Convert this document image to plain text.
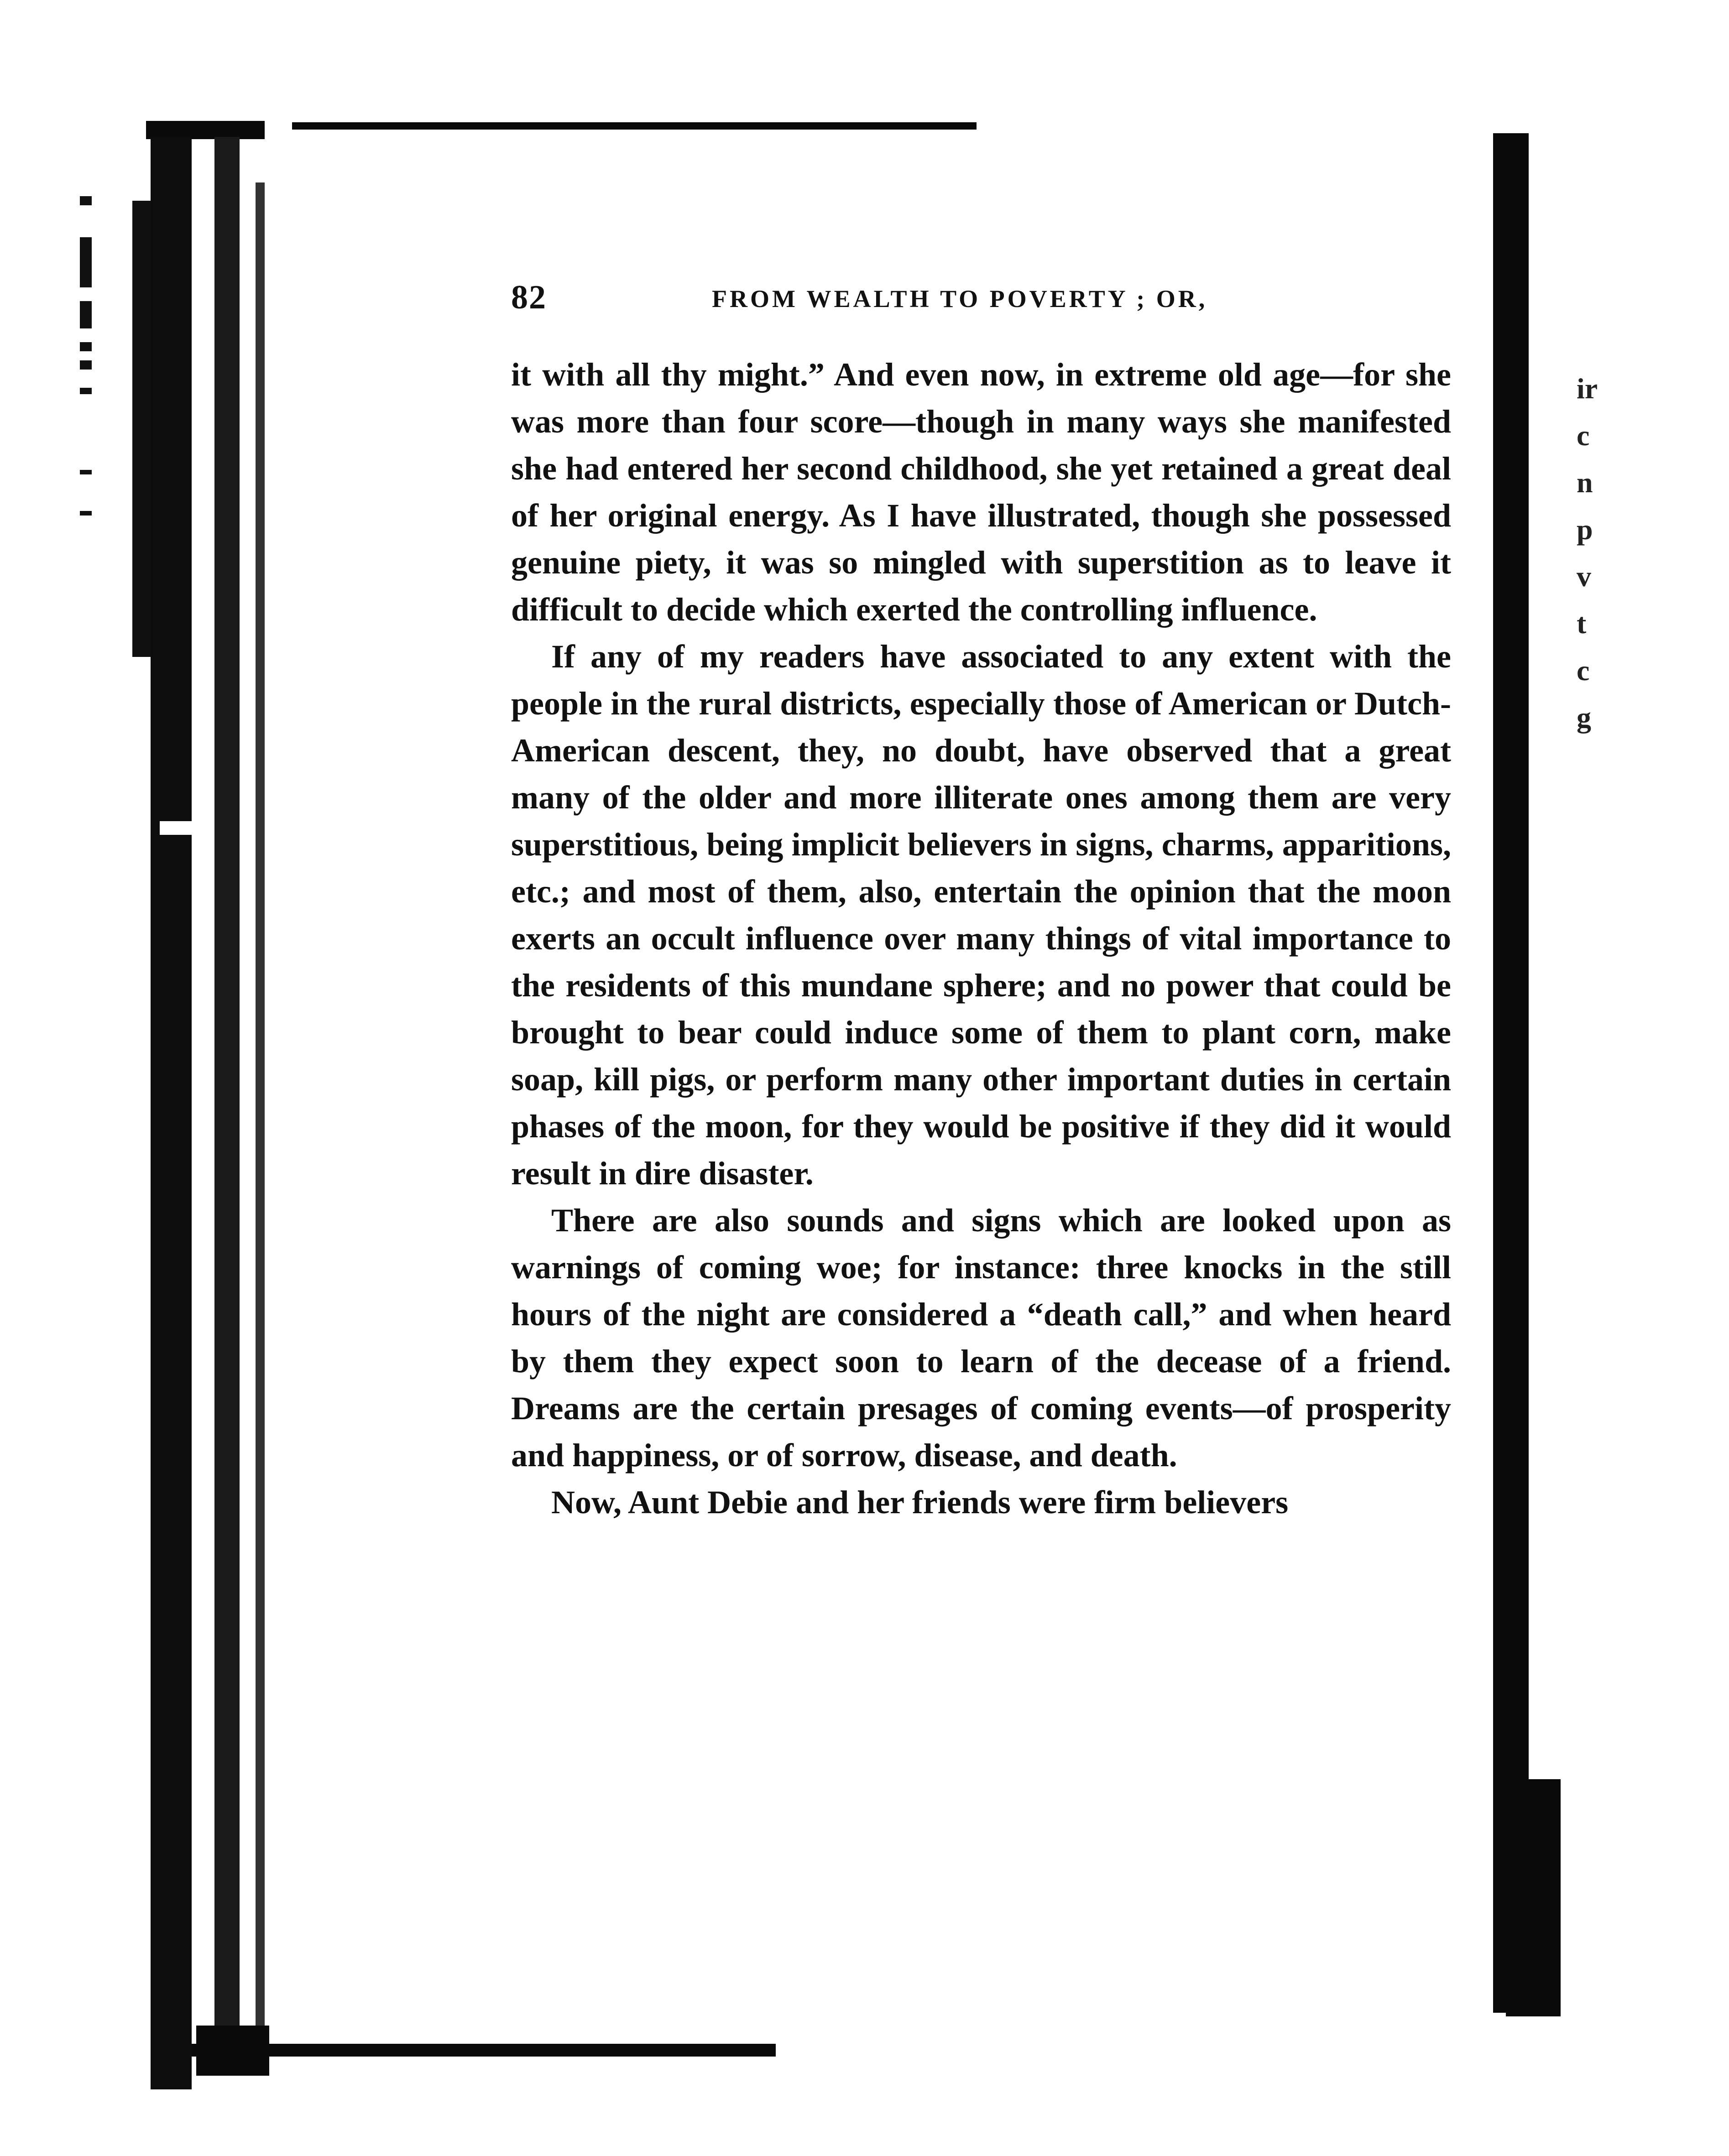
82	FROM WEALTH TO POVERTY ; OR,

it with all thy might.” And even now, in extreme old age—for she was more than four score—though in many ways she manifested she had entered her second childhood, she yet retained a great deal of her original energy. As I have illustrated, though she possessed genuine piety, it was so mingled with superstition as to leave it difficult to decide which exerted the controlling influence.

If any of my readers have associated to any extent with the people in the rural districts, especially those of American or Dutch-American descent, they, no doubt, have observed that a great many of the older and more illiterate ones among them are very superstitious, being implicit believers in signs, charms, apparitions, etc.; and most of them, also, entertain the opinion that the moon exerts an occult influence over many things of vital importance to the residents of this mundane sphere; and no power that could be brought to bear could induce some of them to plant corn, make soap, kill pigs, or perform many other important duties in certain phases of the moon, for they would be positive if they did it would result in dire disaster.

There are also sounds and signs which are looked upon as warnings of coming woe; for instance: three knocks in the still hours of the night are considered a “death call,” and when heard by them they expect soon to learn of the decease of a friend. Dreams are the certain presages of coming events—of prosperity and happiness, or of sorrow, disease, and death.

Now, Aunt Debie and her friends were firm believers

ir
c
n
p
v
t
c
g
